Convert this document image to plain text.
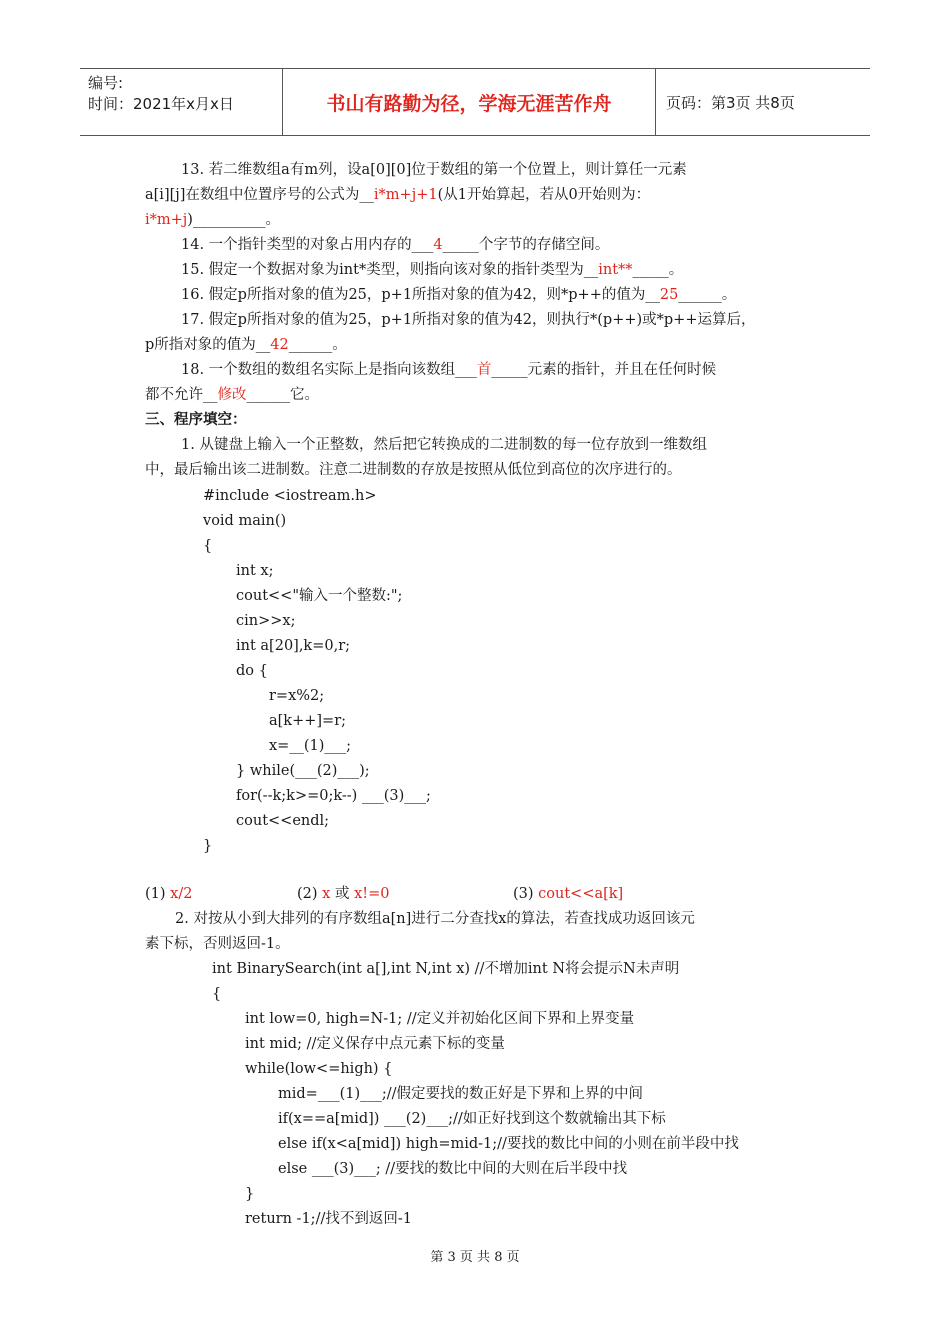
编号:
时间：2021年x月x日	书山有路勤为径，学海无涯苦作舟	页码：第3页 共8页
13. 若二维数组a有m列，设a[0][0]位于数组的第一个位置上，则计算任一元素
a[i][j]在数组中位置序号的公式为__i*m+j+1(从1开始算起，若从0开始则为：
i*m+j)__________。
14. 一个指针类型的对象占用内存的___4_____个字节的存储空间。
15. 假定一个数据对象为int*类型，则指向该对象的指针类型为__int**_____。
16. 假定p所指对象的值为25，p+1所指对象的值为42，则*p++的值为__25______。
17. 假定p所指对象的值为25，p+1所指对象的值为42，则执行*(p++)或*p++运算后，
p所指对象的值为__42______。
18. 一个数组的数组名实际上是指向该数组___首_____元素的指针，并且在任何时候
都不允许__修改______它。
三、程序填空：
1. 从键盘上输入一个正整数，然后把它转换成的二进制数的每一位存放到一维数组
中，最后输出该二进制数。注意二进制数的存放是按照从低位到高位的次序进行的。
#include <iostream.h>
void main()
{
int x;
cout<<"输入一个整数:";
cin>>x;
int a[20],k=0,r;
do {
r=x%2;
a[k++]=r;
x=__(1)___;
} while(___(2)___);
for(--k;k>=0;k--) ___(3)___;
cout<<endl;
}
(1) x/2	(2) x 或 x!=0	(3) cout<<a[k]
2. 对按从小到大排列的有序数组a[n]进行二分查找x的算法，若查找成功返回该元
素下标，否则返回-1。
int BinarySearch(int a[],int N,int x) //不增加int N将会提示N未声明
{
int low=0, high=N-1; //定义并初始化区间下界和上界变量
int mid; //定义保存中点元素下标的变量
while(low<=high) {
mid=___(1)___;//假定要找的数正好是下界和上界的中间
if(x==a[mid]) ___(2)___;//如正好找到这个数就输出其下标
else if(x<a[mid]) high=mid-1;//要找的数比中间的小则在前半段中找
else ___(3)___; //要找的数比中间的大则在后半段中找
}
return -1;//找不到返回-1
第 3 页 共 8 页
